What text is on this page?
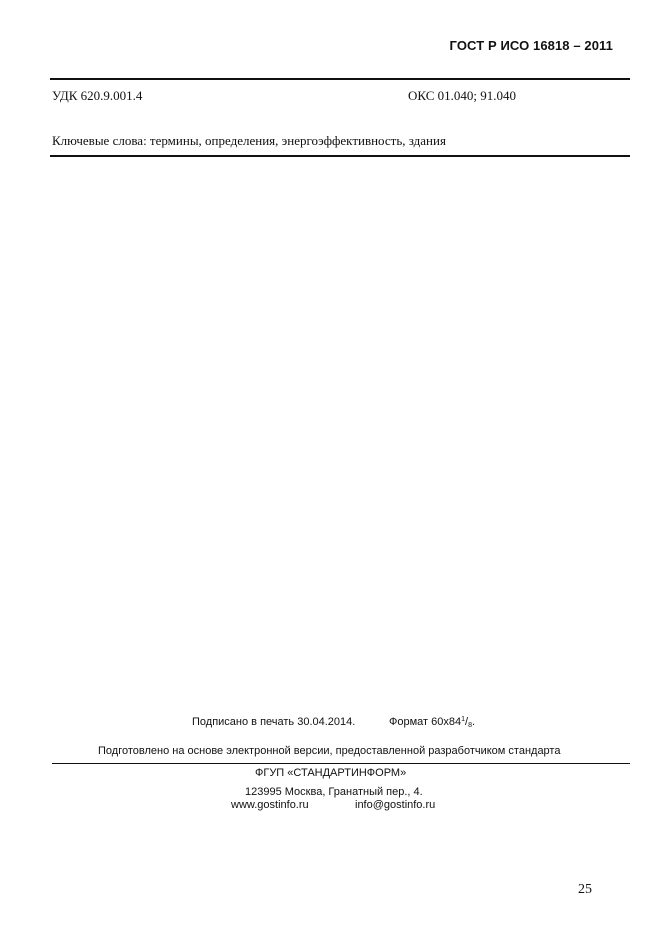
ГОСТ Р ИСО 16818 – 2011
УДК 620.9.001.4	ОКС 01.040; 91.040
Ключевые слова: термины, определения, энергоэффективность, здания
Подписано в печать 30.04.2014.	Формат $60x84^1/_8$.
Подготовлено на основе электронной версии, предоставленной разработчиком стандарта
ФГУП «СТАНДАРТИНФОРМ»
123995 Москва, Гранатный пер., 4.
www.gostinfo.ru	info@gostinfo.ru
25
